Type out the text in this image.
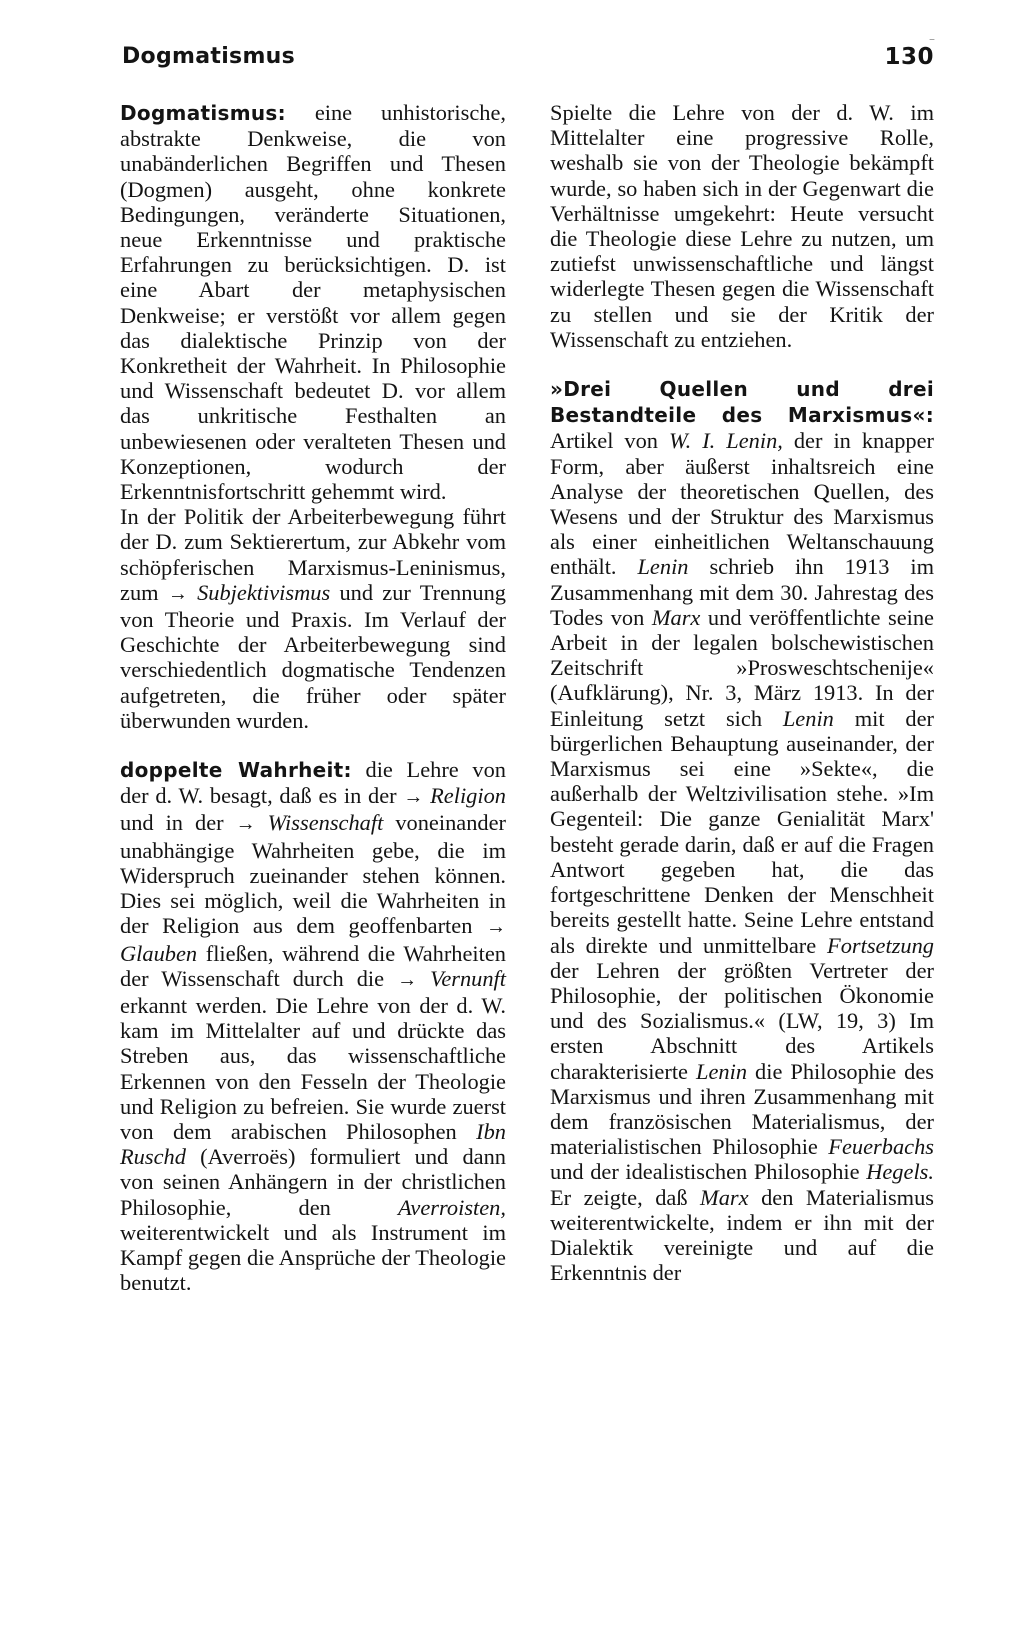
Dogmatismus	130
–
Dogmatismus: eine unhistorische, abstrakte Denkweise, die von unabänderlichen Begriffen und Thesen (Dogmen) ausgeht, ohne konkrete Bedingungen, veränderte Situationen, neue Erkenntnisse und praktische Erfahrungen zu berücksichtigen. D. ist eine Abart der metaphysischen Denkweise; er verstößt vor allem gegen das dialektische Prinzip von der Konkretheit der Wahrheit. In Philosophie und Wissenschaft bedeutet D. vor allem das unkritische Festhalten an unbewiesenen oder veralteten Thesen und Konzeptionen, wodurch der Erkenntnisfortschritt gehemmt wird.
In der Politik der Arbeiterbewegung führt der D. zum Sektierertum, zur Abkehr vom schöpferischen Marxismus-Leninismus, zum → Subjektivismus und zur Trennung von Theorie und Praxis. Im Verlauf der Geschichte der Arbeiterbewegung sind verschiedentlich dogmatische Tendenzen aufgetreten, die früher oder später überwunden wurden.
doppelte Wahrheit: die Lehre von der d. W. besagt, daß es in der → Religion und in der → Wissenschaft voneinander unabhängige Wahrheiten gebe, die im Widerspruch zueinander stehen können. Dies sei möglich, weil die Wahrheiten in der Religion aus dem geoffenbarten → Glauben fließen, während die Wahrheiten der Wissenschaft durch die → Vernunft erkannt werden. Die Lehre von der d. W. kam im Mittelalter auf und drückte das Streben aus, das wissenschaftliche Erkennen von den Fesseln der Theologie und Religion zu befreien. Sie wurde zuerst von dem arabischen Philosophen Ibn Ruschd (Averroës) formuliert und dann von seinen Anhängern in der christlichen Philosophie, den	Averroisten, weiterentwickelt und als Instrument im Kampf gegen die Ansprüche der Theologie benutzt.
Spielte die Lehre von der d. W. im Mittelalter eine progressive Rolle, weshalb sie von der Theologie bekämpft wurde, so haben sich in der Gegenwart die Verhältnisse umgekehrt: Heute versucht die Theologie diese Lehre zu nutzen, um zutiefst unwissenschaftliche und längst widerlegte Thesen gegen die Wissenschaft zu stellen und sie der Kritik der Wissenschaft zu entziehen.
»Drei Quellen und drei Bestandteile des Marxismus«: Artikel von W. I. Lenin, der in knapper Form, aber äußerst inhaltsreich eine Analyse der theoretischen Quellen, des Wesens und der Struktur des Marxismus als einer einheitlichen Weltanschauung enthält. Lenin schrieb ihn 1913 im Zusammenhang mit dem 30. Jahrestag des Todes von Marx und veröffentlichte seine Arbeit in der legalen bolschewistischen Zeitschrift »Prosweschtschenije« (Aufklärung), Nr. 3, März 1913. In der Einleitung setzt sich Lenin mit der bürgerlichen Behauptung auseinander, der Marxismus sei eine »Sekte«, die außerhalb der Weltzivilisation stehe. »Im Gegenteil: Die ganze Genialität Marx' besteht gerade darin, daß er auf die Fragen Antwort gegeben hat, die das fortgeschrittene Denken der Menschheit bereits gestellt hatte. Seine Lehre entstand als direkte und unmittelbare Fortsetzung der Lehren der größten Vertreter der Philosophie, der politischen Ökonomie und des Sozialismus.« (LW, 19, 3) Im ersten Abschnitt des Artikels charakterisierte Lenin die Philosophie des Marxismus und ihren Zusammenhang mit dem französischen Materialismus, der materialistischen Philosophie Feuerbachs und der idealistischen Philosophie Hegels. Er zeigte, daß Marx den Materialismus weiterentwickelte, indem er ihn mit der Dialektik vereinigte und auf die Erkenntnis der
